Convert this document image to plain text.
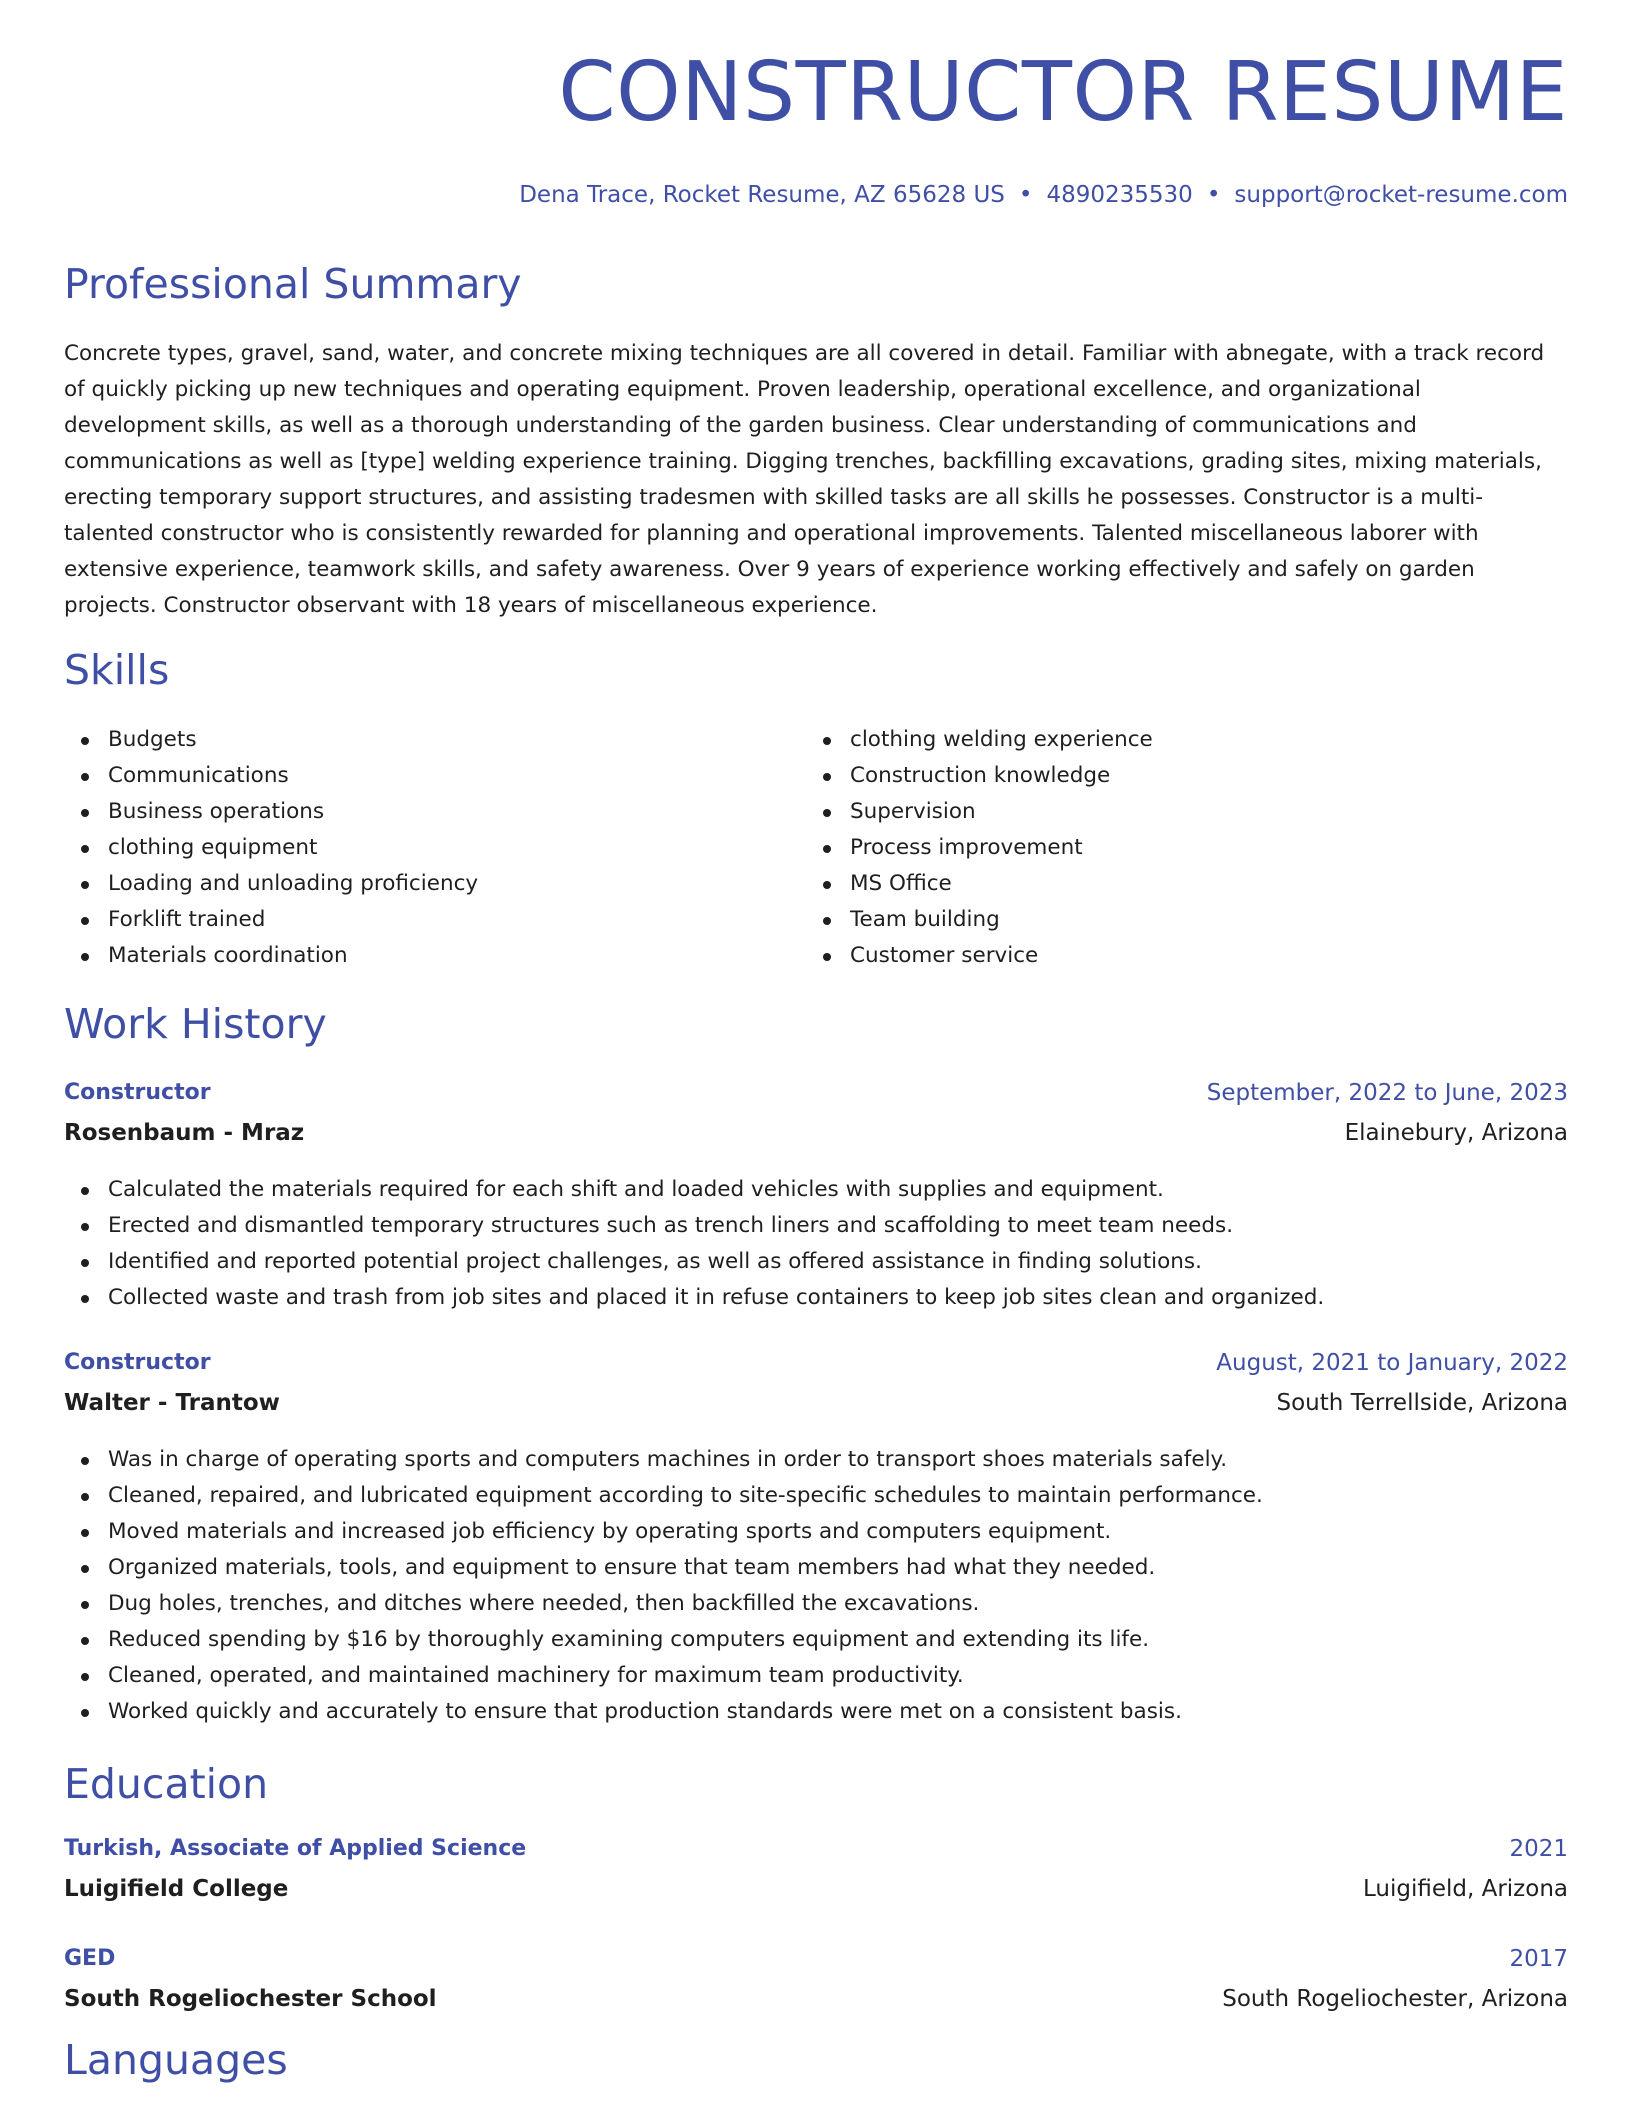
CONSTRUCTOR RESUME
Dena Trace, Rocket Resume, AZ 65628 US • 4890235530 • support@rocket-resume.com
Professional Summary

Concrete types, gravel, sand, water, and concrete mixing techniques are all covered in detail. Familiar with abnegate, with a track record of quickly picking up new techniques and operating equipment. Proven leadership, operational excellence, and organizational development skills, as well as a thorough understanding of the garden business. Clear understanding of communications and communications as well as [type] welding experience training. Digging trenches, backfilling excavations, grading sites, mixing materials, erecting temporary support structures, and assisting tradesmen with skilled tasks are all skills he possesses. Constructor is a multi-talented constructor who is consistently rewarded for planning and operational improvements. Talented miscellaneous laborer with extensive experience, teamwork skills, and safety awareness. Over 9 years of experience working effectively and safely on garden projects. Constructor observant with 18 years of miscellaneous experience.

Skills
Budgets
Communications
Business operations
clothing equipment
Loading and unloading proficiency
Forklift trained
Materials coordination
clothing welding experience
Construction knowledge
Supervision
Process improvement
MS Office
Team building
Customer service
Work History
Constructor	September, 2022 to June, 2023
Rosenbaum - Mraz	Elainebury, Arizona
Calculated the materials required for each shift and loaded vehicles with supplies and equipment.
Erected and dismantled temporary structures such as trench liners and scaffolding to meet team needs.
Identified and reported potential project challenges, as well as offered assistance in finding solutions.
Collected waste and trash from job sites and placed it in refuse containers to keep job sites clean and organized.
Constructor	August, 2021 to January, 2022
Walter - Trantow	South Terrellside, Arizona
Was in charge of operating sports and computers machines in order to transport shoes materials safely.
Cleaned, repaired, and lubricated equipment according to site-specific schedules to maintain performance.
Moved materials and increased job efficiency by operating sports and computers equipment.
Organized materials, tools, and equipment to ensure that team members had what they needed.
Dug holes, trenches, and ditches where needed, then backfilled the excavations.
Reduced spending by $16 by thoroughly examining computers equipment and extending its life.
Cleaned, operated, and maintained machinery for maximum team productivity.
Worked quickly and accurately to ensure that production standards were met on a consistent basis.
Education
Turkish, Associate of Applied Science	2021
Luigifield College	Luigifield, Arizona
GED	2017
South Rogeliochester School	South Rogeliochester, Arizona
Languages
